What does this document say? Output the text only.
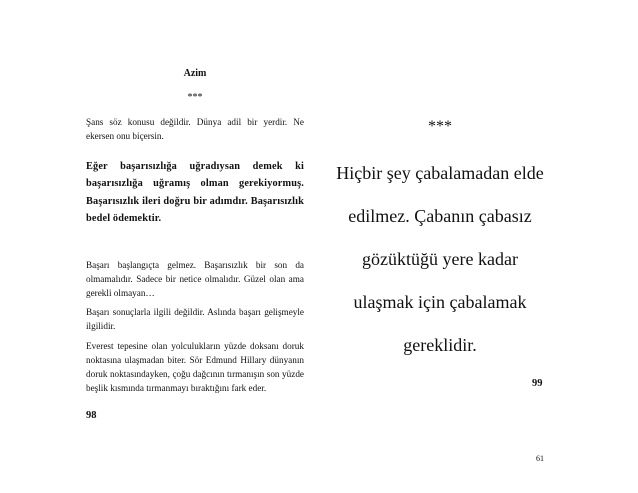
Azim
***

Şans söz konusu değildir. Dünya adil bir yerdir. Ne ekersen onu biçersin.

Eğer başarısızlığa uğradıysan demek ki başarısızlığa uğramış olman gerekiyormuş. Başarısızlık ileri doğru bir adımdır. Başarısızlık bedel ödemektir.

Başarı başlangıçta gelmez. Başarısızlık bir son da olmamalıdır. Sadece bir netice olmalıdır. Güzel olan ama gerekli olmayan…

Başarı sonuçlarla ilgili değildir. Aslında başarı gelişmeyle ilgilidir.

Everest tepesine olan yolculukların yüzde doksanı doruk noktasına ulaşmadan biter. Sör Edmund Hillary dünyanın doruk noktasındayken, çoğu dağcının tırmanışın son yüzde beşlik kısmında tırmanmayı bıraktığını fark eder.

98
***
Hiçbir şey çabalamadan elde
edilmez. Çabanın çabasız
gözüktüğü yere kadar
ulaşmak için çabalamak
gereklidir.
99
61
